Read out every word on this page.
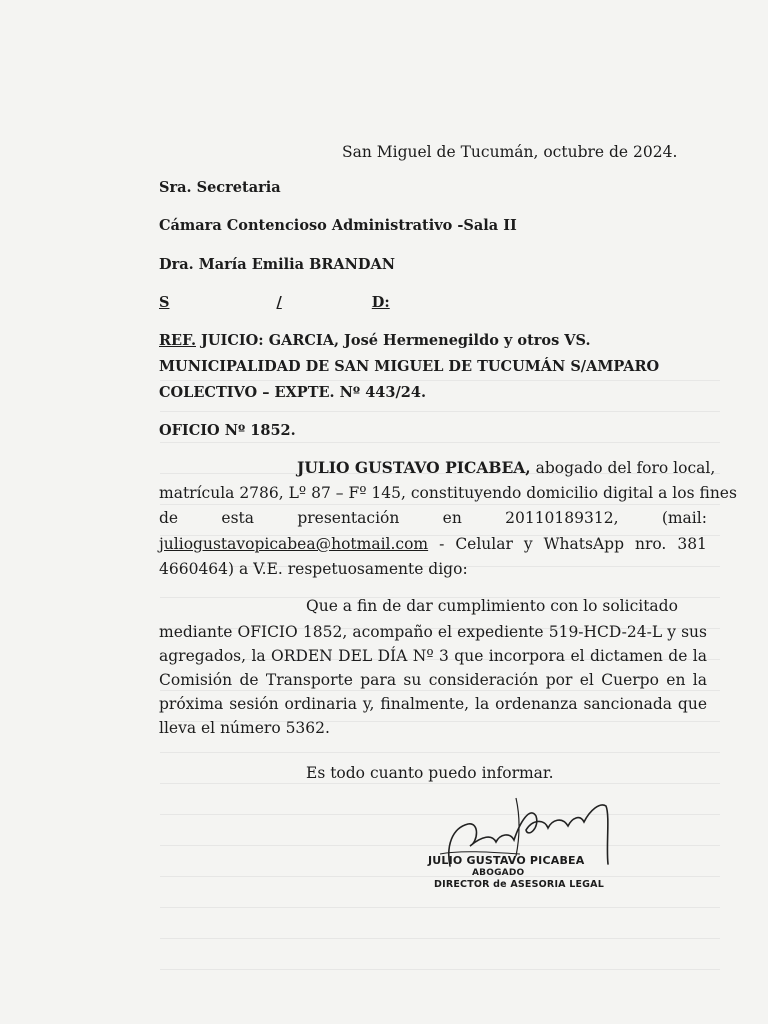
San Miguel de Tucumán, octubre de 2024.
Sra. Secretaria
Cámara Contencioso Administrativo -Sala II
Dra. María Emilia BRANDAN
S	/	D:
REF. JUICIO: GARCIA, José Hermenegildo y otros VS.
MUNICIPALIDAD DE SAN MIGUEL DE TUCUMÁN S/AMPARO
COLECTIVO – EXPTE. Nº 443/24.
OFICIO Nº 1852.
JULIO GUSTAVO PICABEA, abogado del foro local,
matrícula 2786, Lº 87 – Fº 145, constituyendo domicilio digital a los fines
de	esta	presentación	en	20110189312,	(mail:
juliogustavopicabea@hotmail.com - Celular y WhatsApp nro. 381
4660464) a V.E. respetuosamente digo:
Que a fin de dar cumplimiento con lo solicitado
mediante OFICIO 1852, acompaño el expediente 519-HCD-24-L y sus agregados, la ORDEN DEL DÍA Nº 3 que incorpora el dictamen de la Comisión de Transporte para su consideración por el Cuerpo en la próxima sesión ordinaria y, finalmente, la ordenanza sancionada que lleva el número 5362.
Es todo cuanto puedo informar.
JULIO GUSTAVO PICABEA
ABOGADO
DIRECTOR de ASESORIA LEGAL
